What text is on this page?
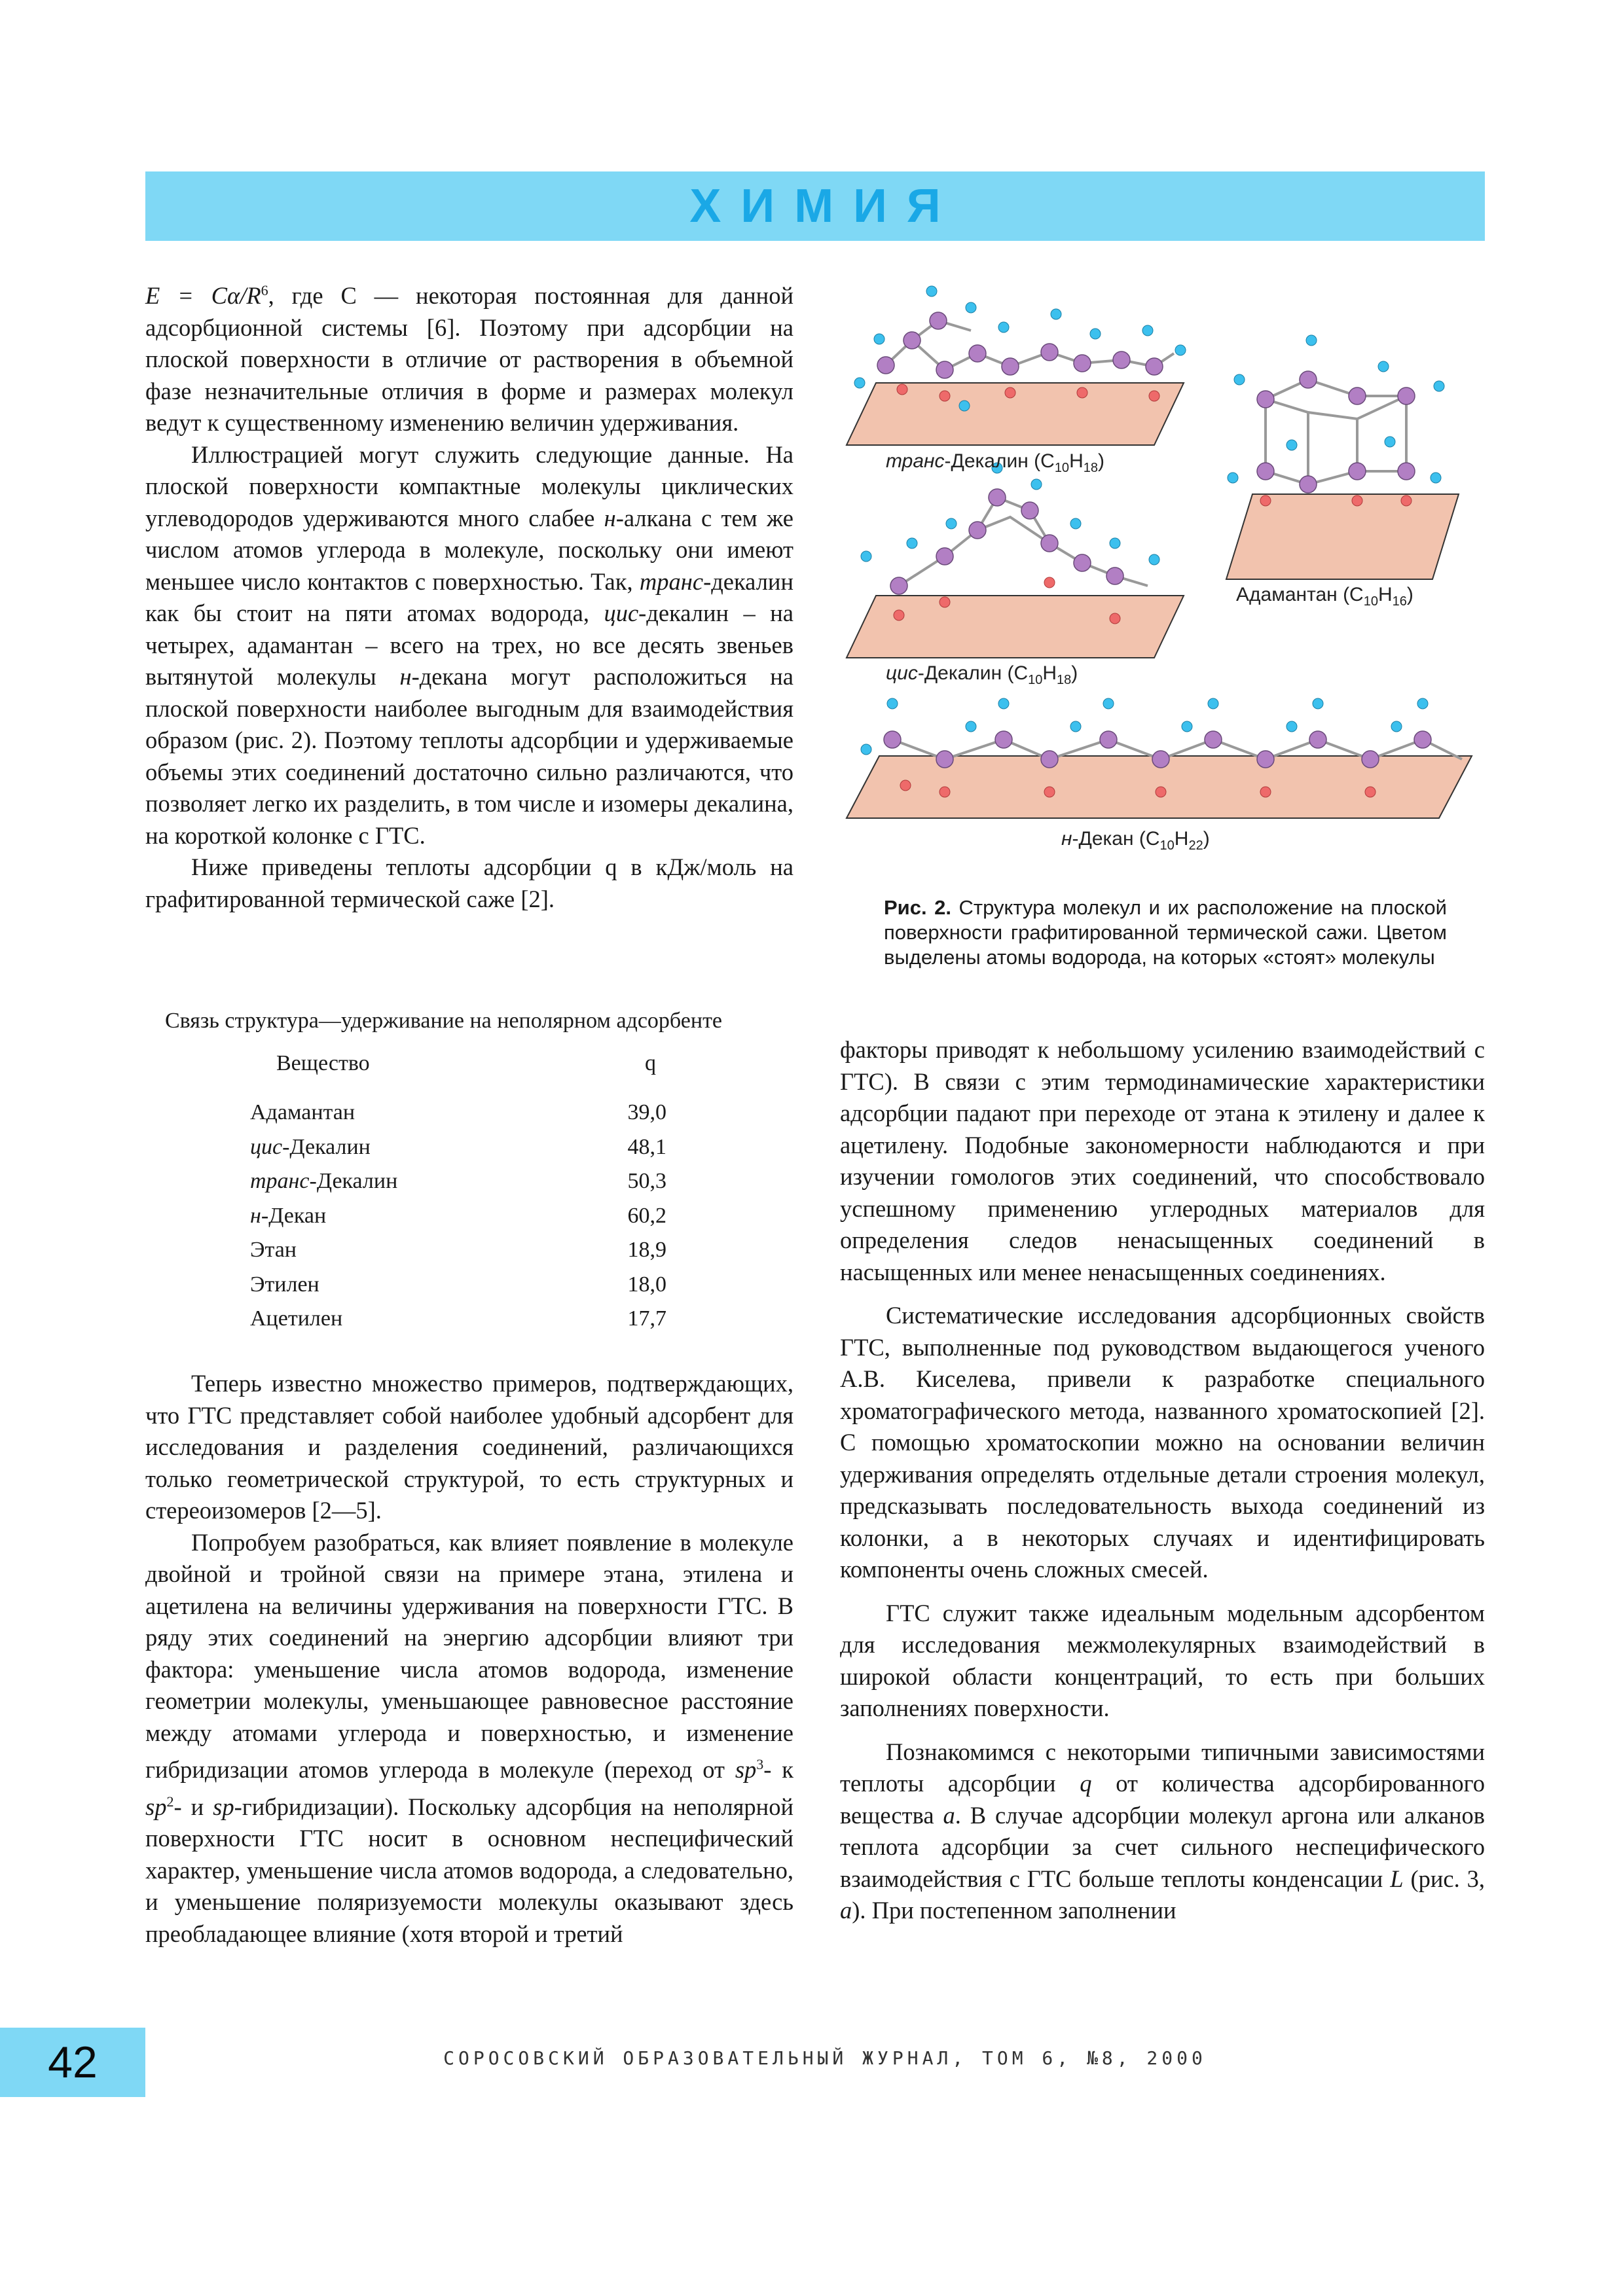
ХИМИЯ

$E = C\alpha/R^6$, где C — некоторая постоянная для данной адсорбционной системы [6]. Поэтому при адсорбции на плоской поверхности в отличие от растворения в объемной фазе незначительные отличия в форме и размерах молекул ведут к существенному изменению величин удерживания.

Иллюстрацией могут служить следующие данные. На плоской поверхности компактные молекулы циклических углеводородов удерживаются много слабее н-алкана с тем же числом атомов углерода в молекуле, поскольку они имеют меньшее число контактов с поверхностью. Так, транс-декалин как бы стоит на пяти атомах водорода, цис-декалин – на четырех, адамантан – всего на трех, но все десять звеньев вытянутой молекулы н-декана могут расположиться на плоской поверхности наиболее выгодным для взаимодействия образом (рис. 2). Поэтому теплоты адсорбции и удерживаемые объемы этих соединений достаточно сильно различаются, что позволяет легко их разделить, в том числе и изомеры декалина, на короткой колонке с ГТС.

Ниже приведены теплоты адсорбции q в кДж/моль на графитированной термической саже [2].

Связь структура—удерживание на неполярном адсорбенте
Вещество	q
Адамантан	39,0
цис-Декалин	48,1
транс-Декалин	50,3
н-Декан	60,2
Этан	18,9
Этилен	18,0
Ацетилен	17,7

Теперь известно множество примеров, подтверждающих, что ГТС представляет собой наиболее удобный адсорбент для исследования и разделения соединений, различающихся только геометрической структурой, то есть структурных и стереоизомеров [2—5].

Попробуем разобраться, как влияет появление в молекуле двойной и тройной связи на примере этана, этилена и ацетилена на величины удерживания на поверхности ГТС. В ряду этих соединений на энергию адсорбции влияют три фактора: уменьшение числа атомов водорода, изменение геометрии молекулы, уменьшающее равновесное расстояние между атомами углерода и поверхностью, и изменение гибридизации атомов углерода в молекуле (переход от $sp^3-$ к $sp^2-$ и sp-гибридизации). Поскольку адсорбция на неполярной поверхности ГТС носит в основном неспецифический характер, уменьшение числа атомов водорода, а следовательно, и уменьшение поляризуемости молекулы оказывают здесь преобладающее влияние (хотя второй и третий

транс-Декалин $(C_{10}H_{18})$
Адамантан $(C_{10}H_{16})$
цис-Декалин $(C_{10}H_{18})$
н-Декан $(C_{10}H_{22})$
Рис. 2. Структура молекул и их расположение на плоской поверхности графитированной термической сажи. Цветом выделены атомы водорода, на которых «стоят» молекулы

факторы приводят к небольшому усилению взаимодействий с ГТС). В связи с этим термодинамические характеристики адсорбции падают при переходе от этана к этилену и далее к ацетилену. Подобные закономерности наблюдаются и при изучении гомологов этих соединений, что способствовало успешному применению углеродных материалов для определения следов ненасыщенных соединений в насыщенных или менее ненасыщенных соединениях.

Систематические исследования адсорбционных свойств ГТС, выполненные под руководством выдающегося ученого А.В. Киселева, привели к разработке специального хроматографического метода, названного хроматоскопией [2]. С помощью хроматоскопии можно на основании величин удерживания определять отдельные детали строения молекул, предсказывать последовательность выхода соединений из колонки, а в некоторых случаях и идентифицировать компоненты очень сложных смесей.

ГТС служит также идеальным модельным адсорбентом для исследования межмолекулярных взаимодействий в широкой области концентраций, то есть при больших заполнениях поверхности.

Познакомимся с некоторыми типичными зависимостями теплоты адсорбции q от количества адсорбированного вещества a. В случае адсорбции молекул аргона или алканов теплота адсорбции за счет сильного неспецифического взаимодействия с ГТС больше теплоты конденсации L (рис. 3, а). При постепенном заполнении

42	СОРОСОВСКИЙ ОБРАЗОВАТЕЛЬНЫЙ ЖУРНАЛ, ТОМ 6, №8, 2000
